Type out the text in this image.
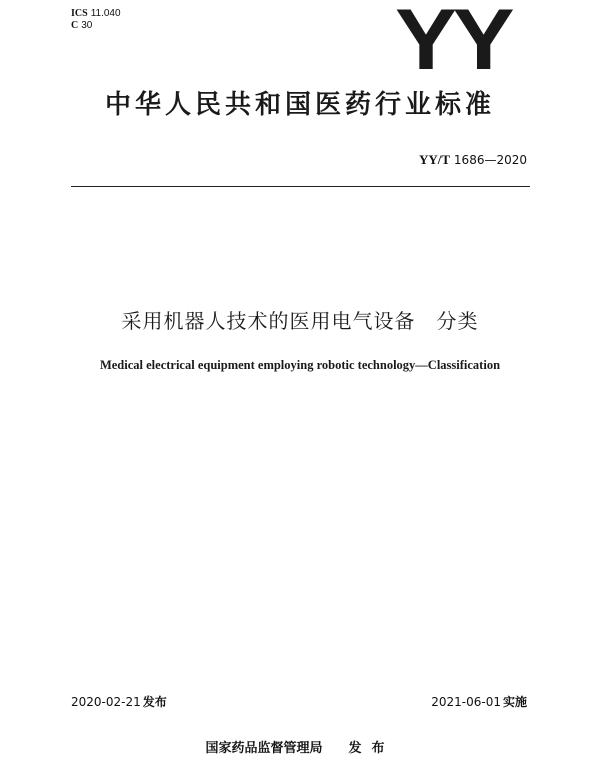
ICS 11.040
C 30	YY
中华人民共和国医药行业标准
YY/T 1686—2020
采用机器人技术的医用电气设备　分类
Medical electrical equipment employing robotic technology—Classification
2020-02-21 发布	2021-06-01 实施
国家药品监督管理局 发布
